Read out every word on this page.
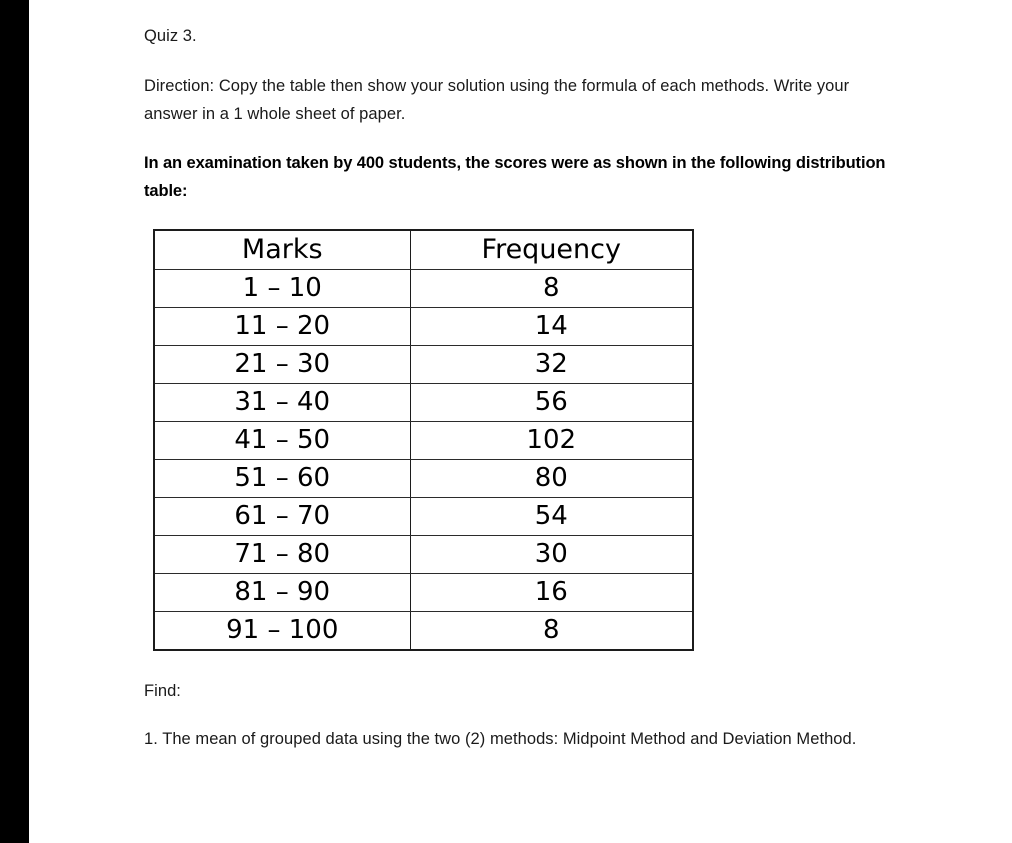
Quiz 3.

Direction: Copy the table then show your solution using the formula of each methods. Write your answer in a 1 whole sheet of paper.

In an examination taken by 400 students, the scores were as shown in the following distribution table:

Marks	Frequency
1 – 10	8
11 – 20	14
21 – 30	32
31 – 40	56
41 – 50	102
51 – 60	80
61 – 70	54
71 – 80	30
81 – 90	16
91 – 100	8

Find:

1. The mean of grouped data using the two (2) methods: Midpoint Method and Deviation Method.
